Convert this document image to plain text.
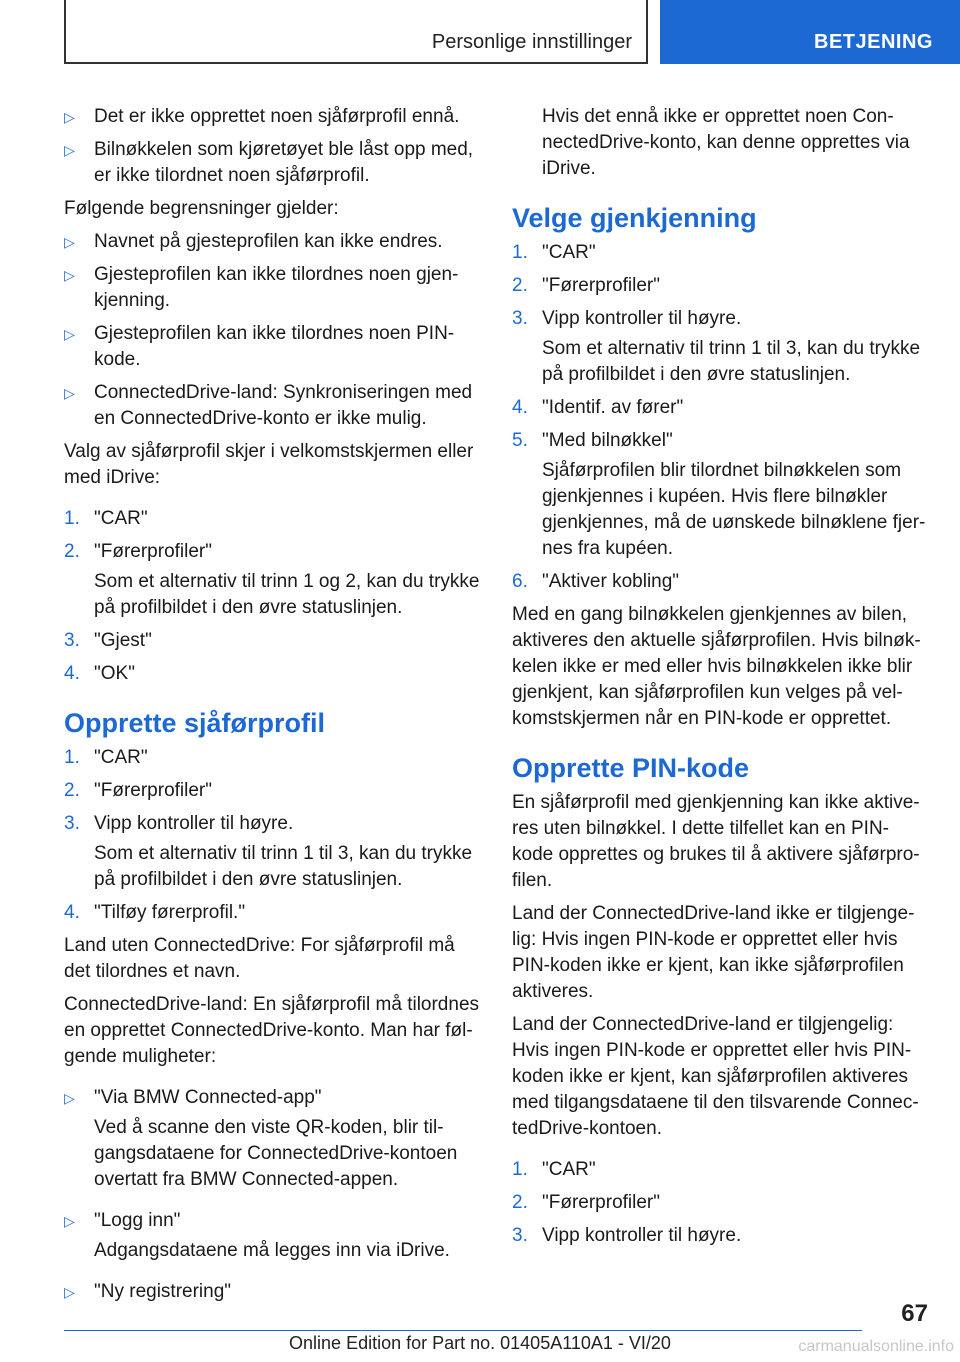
Personlige innstillinger	BETJENING
▷ Det er ikke opprettet noen sjåførprofil ennå.
▷ Bilnøkkelen som kjøretøyet ble låst opp med, er ikke tilordnet noen sjåførprofil.

Følgende begrensninger gjelder:

▷ Navnet på gjesteprofilen kan ikke endres.
▷ Gjesteprofilen kan ikke tilordnes noen gjen- kjenning.
▷ Gjesteprofilen kan ikke tilordnes noen PIN- kode.
▷ ConnectedDrive-land: Synkroniseringen med en ConnectedDrive-konto er ikke mulig.

Valg av sjåførprofil skjer i velkomstskjermen eller med iDrive:

1. "CAR"
2. "Førerprofiler"
Som et alternativ til trinn 1 og 2, kan du trykke på profilbildet i den øvre statuslinjen.
3. "Gjest"
4. "OK"
Opprette sjåførprofil
1. "CAR"
2. "Førerprofiler"
3. Vipp kontroller til høyre.
Som et alternativ til trinn 1 til 3, kan du trykke på profilbildet i den øvre statuslinjen.
4. "Tilføy førerprofil."

Land uten ConnectedDrive: For sjåførprofil må det tilordnes et navn.

ConnectedDrive-land: En sjåførprofil må tilordnes en opprettet ConnectedDrive-konto. Man har føl- gende muligheter:

▷ "Via BMW Connected-app"
Ved å scanne den viste QR-koden, blir til- gangsdataene for ConnectedDrive-kontoen overtatt fra BMW Connected-appen.
▷ "Logg inn"
Adgangsdataene må legges inn via iDrive.
▷ "Ny registrering"
Hvis det ennå ikke er opprettet noen Con- nectedDrive-konto, kan denne opprettes via iDrive.
Velge gjenkjenning
1. "CAR"
2. "Førerprofiler"
3. Vipp kontroller til høyre.
Som et alternativ til trinn 1 til 3, kan du trykke på profilbildet i den øvre statuslinjen.
4. "Identif. av fører"
5. "Med bilnøkkel"
Sjåførprofilen blir tilordnet bilnøkkelen som gjenkjennes i kupéen. Hvis flere bilnøkler gjenkjennes, må de uønskede bilnøklene fjer- nes fra kupéen.
6. "Aktiver kobling"

Med en gang bilnøkkelen gjenkjennes av bilen, aktiveres den aktuelle sjåførprofilen. Hvis bilnøk- kelen ikke er med eller hvis bilnøkkelen ikke blir gjenkjent, kan sjåførprofilen kun velges på vel- komstskjermen når en PIN-kode er opprettet.

Opprette PIN-kode

En sjåførprofil med gjenkjenning kan ikke aktive- res uten bilnøkkel. I dette tilfellet kan en PIN- kode opprettes og brukes til å aktivere sjåførpro- filen.

Land der ConnectedDrive-land ikke er tilgjenge- lig: Hvis ingen PIN-kode er opprettet eller hvis PIN-koden ikke er kjent, kan ikke sjåførprofilen aktiveres.

Land der ConnectedDrive-land er tilgjengelig: Hvis ingen PIN-kode er opprettet eller hvis PIN- koden ikke er kjent, kan sjåførprofilen aktiveres med tilgangsdataene til den tilsvarende Connec- tedDrive-kontoen.

1. "CAR"
2. "Førerprofiler"
3. Vipp kontroller til høyre.
67
Online Edition for Part no. 01405A110A1 - VI/20	carmanualsonline.info
